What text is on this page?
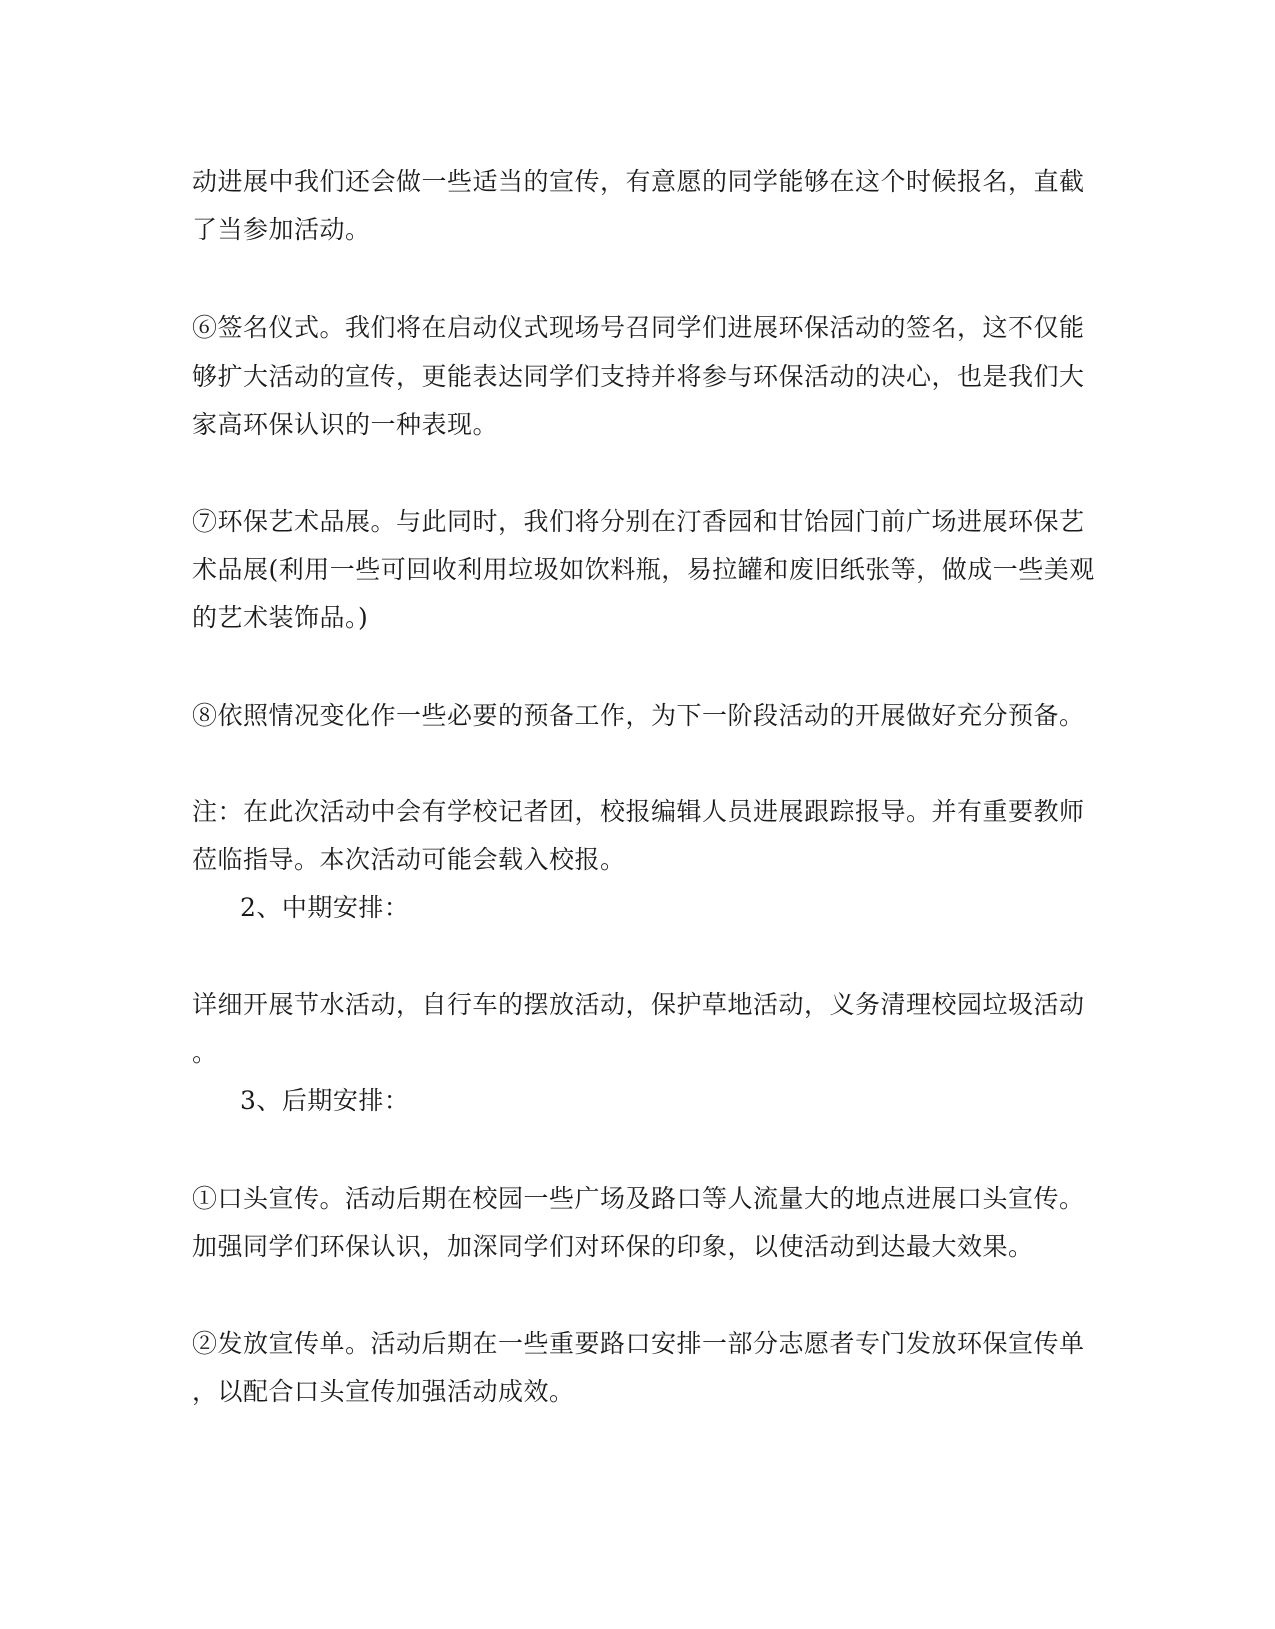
动进展中我们还会做一些适当的宣传，有意愿的同学能够在这个时候报名，直截
了当参加活动。
⑥签名仪式。我们将在启动仪式现场号召同学们进展环保活动的签名，这不仅能
够扩大活动的宣传，更能表达同学们支持并将参与环保活动的决心，也是我们大
家高环保认识的一种表现。
⑦环保艺术品展。与此同时，我们将分别在汀香园和甘饴园门前广场进展环保艺
术品展(利用一些可回收利用垃圾如饮料瓶，易拉罐和废旧纸张等，做成一些美观
的艺术装饰品。)
⑧依照情况变化作一些必要的预备工作，为下一阶段活动的开展做好充分预备。
注：在此次活动中会有学校记者团，校报编辑人员进展跟踪报导。并有重要教师
莅临指导。本次活动可能会载入校报。
2、中期安排：
详细开展节水活动，自行车的摆放活动，保护草地活动，义务清理校园垃圾活动
。
3、后期安排：
①口头宣传。活动后期在校园一些广场及路口等人流量大的地点进展口头宣传。
加强同学们环保认识，加深同学们对环保的印象，以使活动到达最大效果。
②发放宣传单。活动后期在一些重要路口安排一部分志愿者专门发放环保宣传单
，以配合口头宣传加强活动成效。
